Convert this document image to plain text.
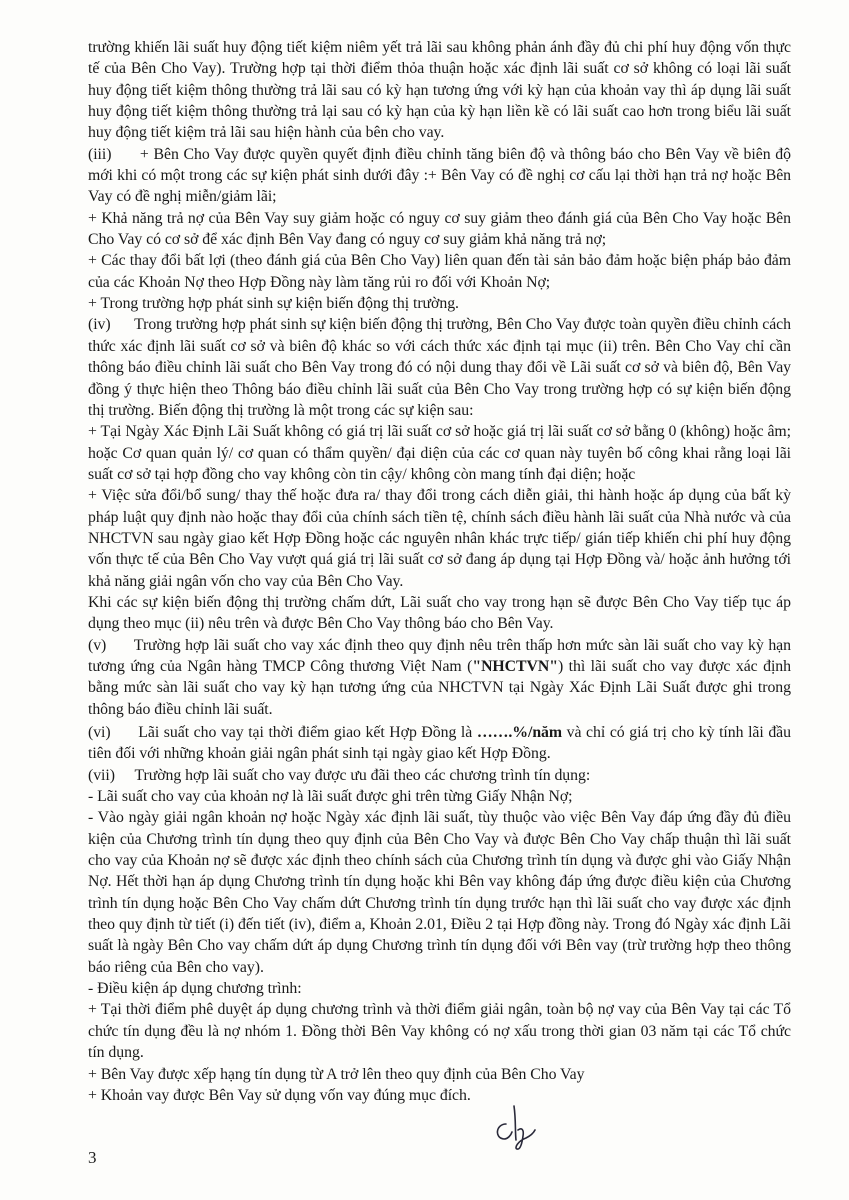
trường khiến lãi suất huy động tiết kiệm niêm yết trả lãi sau không phản ánh đầy đủ chi phí huy động vốn thực tế của Bên Cho Vay). Trường hợp tại thời điểm thỏa thuận hoặc xác định lãi suất cơ sở không có loại lãi suất huy động tiết kiệm thông thường trả lãi sau có kỳ hạn tương ứng với kỳ hạn của khoản vay thì áp dụng lãi suất huy động tiết kiệm thông thường trả lại sau có kỳ hạn của kỳ hạn liền kề có lãi suất cao hơn trong biểu lãi suất huy động tiết kiệm trả lãi sau hiện hành của bên cho vay.

(iii)      + Bên Cho Vay được quyền quyết định điều chỉnh tăng biên độ và thông báo cho Bên Vay về biên độ mới khi có một trong các sự kiện phát sinh dưới đây :+ Bên Vay có đề nghị cơ cấu lại thời hạn trả nợ hoặc Bên Vay có đề nghị miễn/giảm lãi;

+ Khả năng trả nợ của Bên Vay suy giảm hoặc có nguy cơ suy giảm theo đánh giá của Bên Cho Vay hoặc Bên Cho Vay có cơ sở để xác định Bên Vay đang có nguy cơ suy giảm khả năng trả nợ;

+ Các thay đổi bất lợi (theo đánh giá của Bên Cho Vay) liên quan đến tài sản bảo đảm hoặc biện pháp bảo đảm của các Khoản Nợ theo Hợp Đồng này làm tăng rủi ro đối với Khoản Nợ;

+ Trong trường hợp phát sinh sự kiện biến động thị trường.

(iv)      Trong trường hợp phát sinh sự kiện biến động thị trường, Bên Cho Vay được toàn quyền điều chỉnh cách thức xác định lãi suất cơ sở và biên độ khác so với cách thức xác định tại mục (ii) trên. Bên Cho Vay chỉ cần thông báo điều chỉnh lãi suất cho Bên Vay trong đó có nội dung thay đổi về Lãi suất cơ sở và biên độ, Bên Vay đồng ý thực hiện theo Thông báo điều chỉnh lãi suất của Bên Cho Vay trong trường hợp có sự kiện biến động thị trường. Biến động thị trường là một trong các sự kiện sau:

+ Tại Ngày Xác Định Lãi Suất không có giá trị lãi suất cơ sở hoặc giá trị lãi suất cơ sở bằng 0 (không) hoặc âm; hoặc Cơ quan quản lý/ cơ quan có thẩm quyền/ đại diện của các cơ quan này tuyên bố công khai rằng loại lãi suất cơ sở tại hợp đồng cho vay không còn tin cậy/ không còn mang tính đại diện; hoặc

+ Việc sửa đổi/bổ sung/ thay thế hoặc đưa ra/ thay đổi trong cách diễn giải, thi hành hoặc áp dụng của bất kỳ pháp luật quy định nào hoặc thay đổi của chính sách tiền tệ, chính sách điều hành lãi suất của Nhà nước và của NHCTVN sau ngày giao kết Hợp Đồng hoặc các nguyên nhân khác trực tiếp/ gián tiếp khiến chi phí huy động vốn thực tế của Bên Cho Vay vượt quá giá trị lãi suất cơ sở đang áp dụng tại Hợp Đồng và/ hoặc ảnh hưởng tới khả năng giải ngân vốn cho vay của Bên Cho Vay.

Khi các sự kiện biến động thị trường chấm dứt, Lãi suất cho vay trong hạn sẽ được Bên Cho Vay tiếp tục áp dụng theo mục (ii) nêu trên và được Bên Cho Vay thông báo cho Bên Vay.

(v)      Trường hợp lãi suất cho vay xác định theo quy định nêu trên thấp hơn mức sàn lãi suất cho vay kỳ hạn tương ứng của Ngân hàng TMCP Công thương Việt Nam ("NHCTVN") thì lãi suất cho vay được xác định bằng mức sàn lãi suất cho vay kỳ hạn tương ứng của NHCTVN tại Ngày Xác Định Lãi Suất được ghi trong thông báo điều chỉnh lãi suất.

(vi)      Lãi suất cho vay tại thời điểm giao kết Hợp Đồng là …….%/năm và chỉ có giá trị cho kỳ tính lãi đầu tiên đối với những khoản giải ngân phát sinh tại ngày giao kết Hợp Đồng.

(vii)     Trường hợp lãi suất cho vay được ưu đãi theo các chương trình tín dụng:

- Lãi suất cho vay của khoản nợ là lãi suất được ghi trên từng Giấy Nhận Nợ;

- Vào ngày giải ngân khoản nợ hoặc Ngày xác định lãi suất, tùy thuộc vào việc Bên Vay đáp ứng đầy đủ điều kiện của Chương trình tín dụng theo quy định của Bên Cho Vay và được Bên Cho Vay chấp thuận thì lãi suất cho vay của Khoản nợ sẽ được xác định theo chính sách của Chương trình tín dụng và được ghi vào Giấy Nhận Nợ. Hết thời hạn áp dụng Chương trình tín dụng hoặc khi Bên vay không đáp ứng được điều kiện của Chương trình tín dụng hoặc Bên Cho Vay chấm dứt Chương trình tín dụng trước hạn thì lãi suất cho vay được xác định theo quy định từ tiết (i) đến tiết (iv), điểm a, Khoản 2.01, Điều 2 tại Hợp đồng này. Trong đó Ngày xác định Lãi suất là ngày Bên Cho vay chấm dứt áp dụng Chương trình tín dụng đối với Bên vay (trừ trường hợp theo thông báo riêng của Bên cho vay).

- Điều kiện áp dụng chương trình:

+ Tại thời điểm phê duyệt áp dụng chương trình và thời điểm giải ngân, toàn bộ nợ vay của Bên Vay tại các Tổ chức tín dụng đều là nợ nhóm 1. Đồng thời Bên Vay không có nợ xấu trong thời gian 03 năm tại các Tổ chức tín dụng.

+ Bên Vay được xếp hạng tín dụng từ A trở lên theo quy định của Bên Cho Vay

+ Khoản vay được Bên Vay sử dụng vốn vay đúng mục đích.

3
